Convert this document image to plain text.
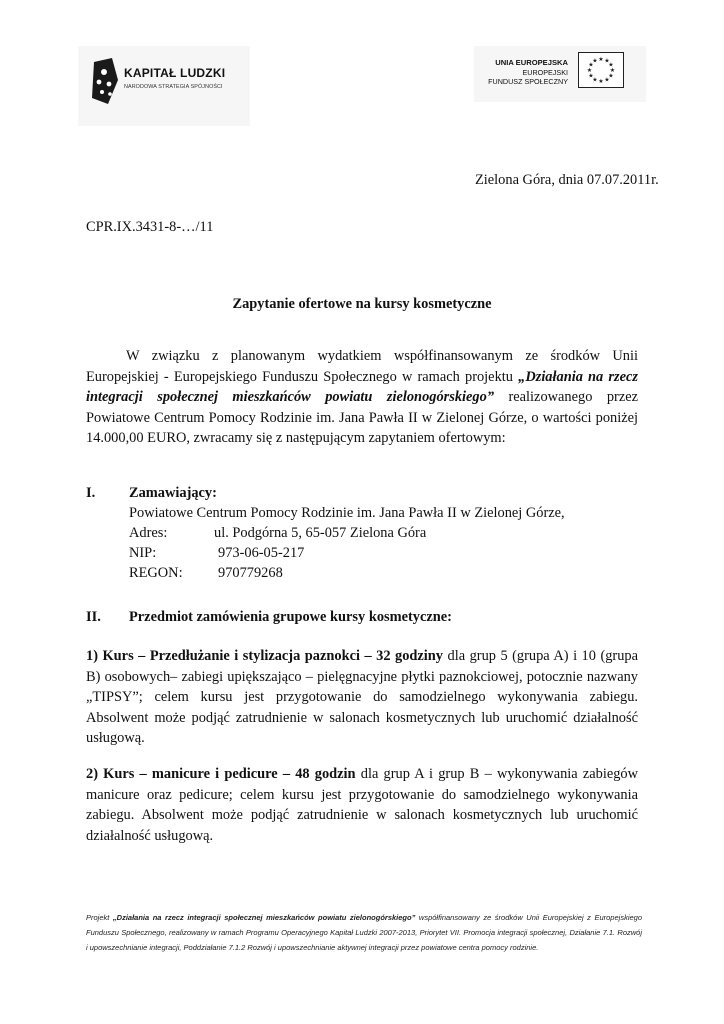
KAPITAŁ LUDZKI
NARODOWA STRATEGIA SPÓJNOŚCI
UNIA EUROPEJSKA
EUROPEJSKI
FUNDUSZ SPOŁECZNY
★ ★
★
★
★
★
★
★
★
★
★
★
Zielona Góra, dnia 07.07.2011r.
CPR.IX.3431-8-…/11
Zapytanie ofertowe na kursy kosmetyczne

W związku z planowanym wydatkiem współfinansowanym ze środków Unii Europejskiej - Europejskiego Funduszu Społecznego w ramach projektu „Działania na rzecz integracji społecznej mieszkańców powiatu zielonogórskiego” realizowanego przez Powiatowe Centrum Pomocy Rodzinie im. Jana Pawła II w Zielonej Górze, o wartości poniżej 14.000,00 EURO, zwracamy się z następującym zapytaniem ofertowym:

I. Zamawiający:
Powiatowe Centrum Pomocy Rodzinie im. Jana Pawła II w Zielonej Górze,
Adres:	ul. Podgórna 5, 65-057 Zielona Góra
NIP:	973-06-05-217
REGON: 970779268
II. Przedmiot zamówienia grupowe kursy kosmetyczne:

1) Kurs – Przedłużanie i stylizacja paznokci – 32 godziny dla grup 5 (grupa A) i 10 (grupa B) osobowych– zabiegi upiększająco – pielęgnacyjne płytki paznokciowej, potocznie nazwany „TIPSY”; celem kursu jest przygotowanie do samodzielnego wykonywania zabiegu. Absolwent może podjąć zatrudnienie w salonach kosmetycznych lub uruchomić działalność usługową.

2) Kurs – manicure i pedicure – 48 godzin dla grup A i grup B – wykonywania zabiegów manicure oraz pedicure; celem kursu jest przygotowanie do samodzielnego wykonywania zabiegu. Absolwent może podjąć zatrudnienie w salonach kosmetycznych lub uruchomić działalność usługową.

Projekt „Działania na rzecz integracji społecznej mieszkańców powiatu zielonogórskiego” współfinansowany ze środków Unii Europejskiej z Europejskiego Funduszu Społecznego, realizowany w ramach Programu Operacyjnego Kapitał Ludzki 2007-2013, Priorytet VII. Promocja integracji społecznej, Działanie 7.1. Rozwój i upowszechnianie integracji, Poddziałanie 7.1.2 Rozwój i upowszechnianie aktywnej integracji przez powiatowe centra pomocy rodzinie.
